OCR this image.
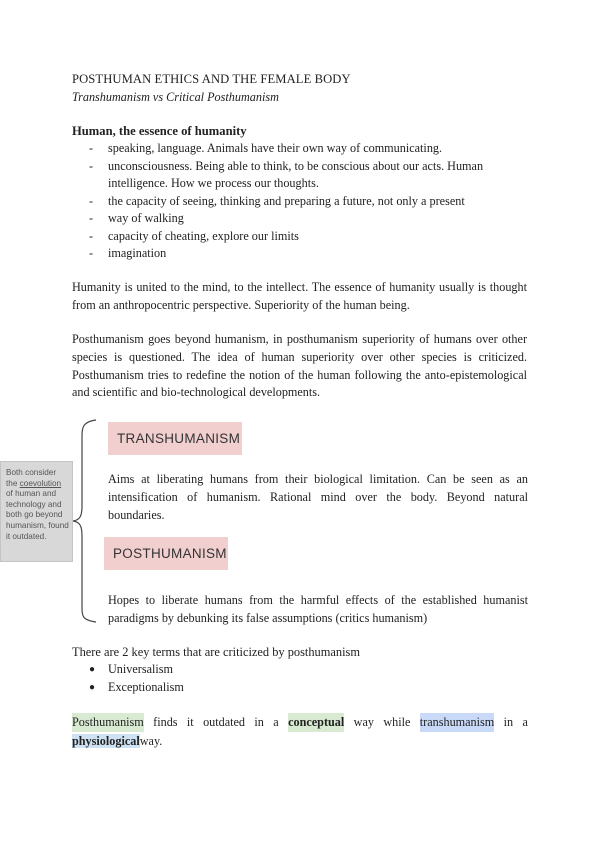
POSTHUMAN ETHICS AND THE FEMALE BODY
Transhumanism vs Critical Posthumanism
Human, the essence of humanity
- speaking, language. Animals have their own way of communicating.
- unconsciousness. Being able to think, to be conscious about our acts. Human
intelligence. How we process our thoughts.
- the capacity of seeing, thinking and preparing a future, not only a present
- way of walking
- capacity of cheating, explore our limits
- imagination
Humanity is united to the mind, to the intellect. The essence of humanity usually is thought from an anthropocentric perspective. Superiority of the human being.
Posthumanism goes beyond humanism, in posthumanism superiority of humans over other species is questioned. The idea of human superiority over other species is criticized. Posthumanism tries to redefine the notion of the human following the anto-epistemological and scientific and bio-technological developments.
TRANSHUMANISM
Aims at liberating humans from their biological limitation. Can be seen as an intensification of humanism. Rational mind over the body. Beyond natural boundaries.
POSTHUMANISM
Hopes to liberate humans from the harmful effects of the established humanist paradigms by debunking its false assumptions (critics humanism)
Both consider the coevolution of human and technology and both go beyond humanism, found it outdated.
There are 2 key terms that are criticized by posthumanism
● Universalism
● Exceptionalism
Posthumanism finds it outdated in a conceptual way while transhumanism in a
physiologicalway.
